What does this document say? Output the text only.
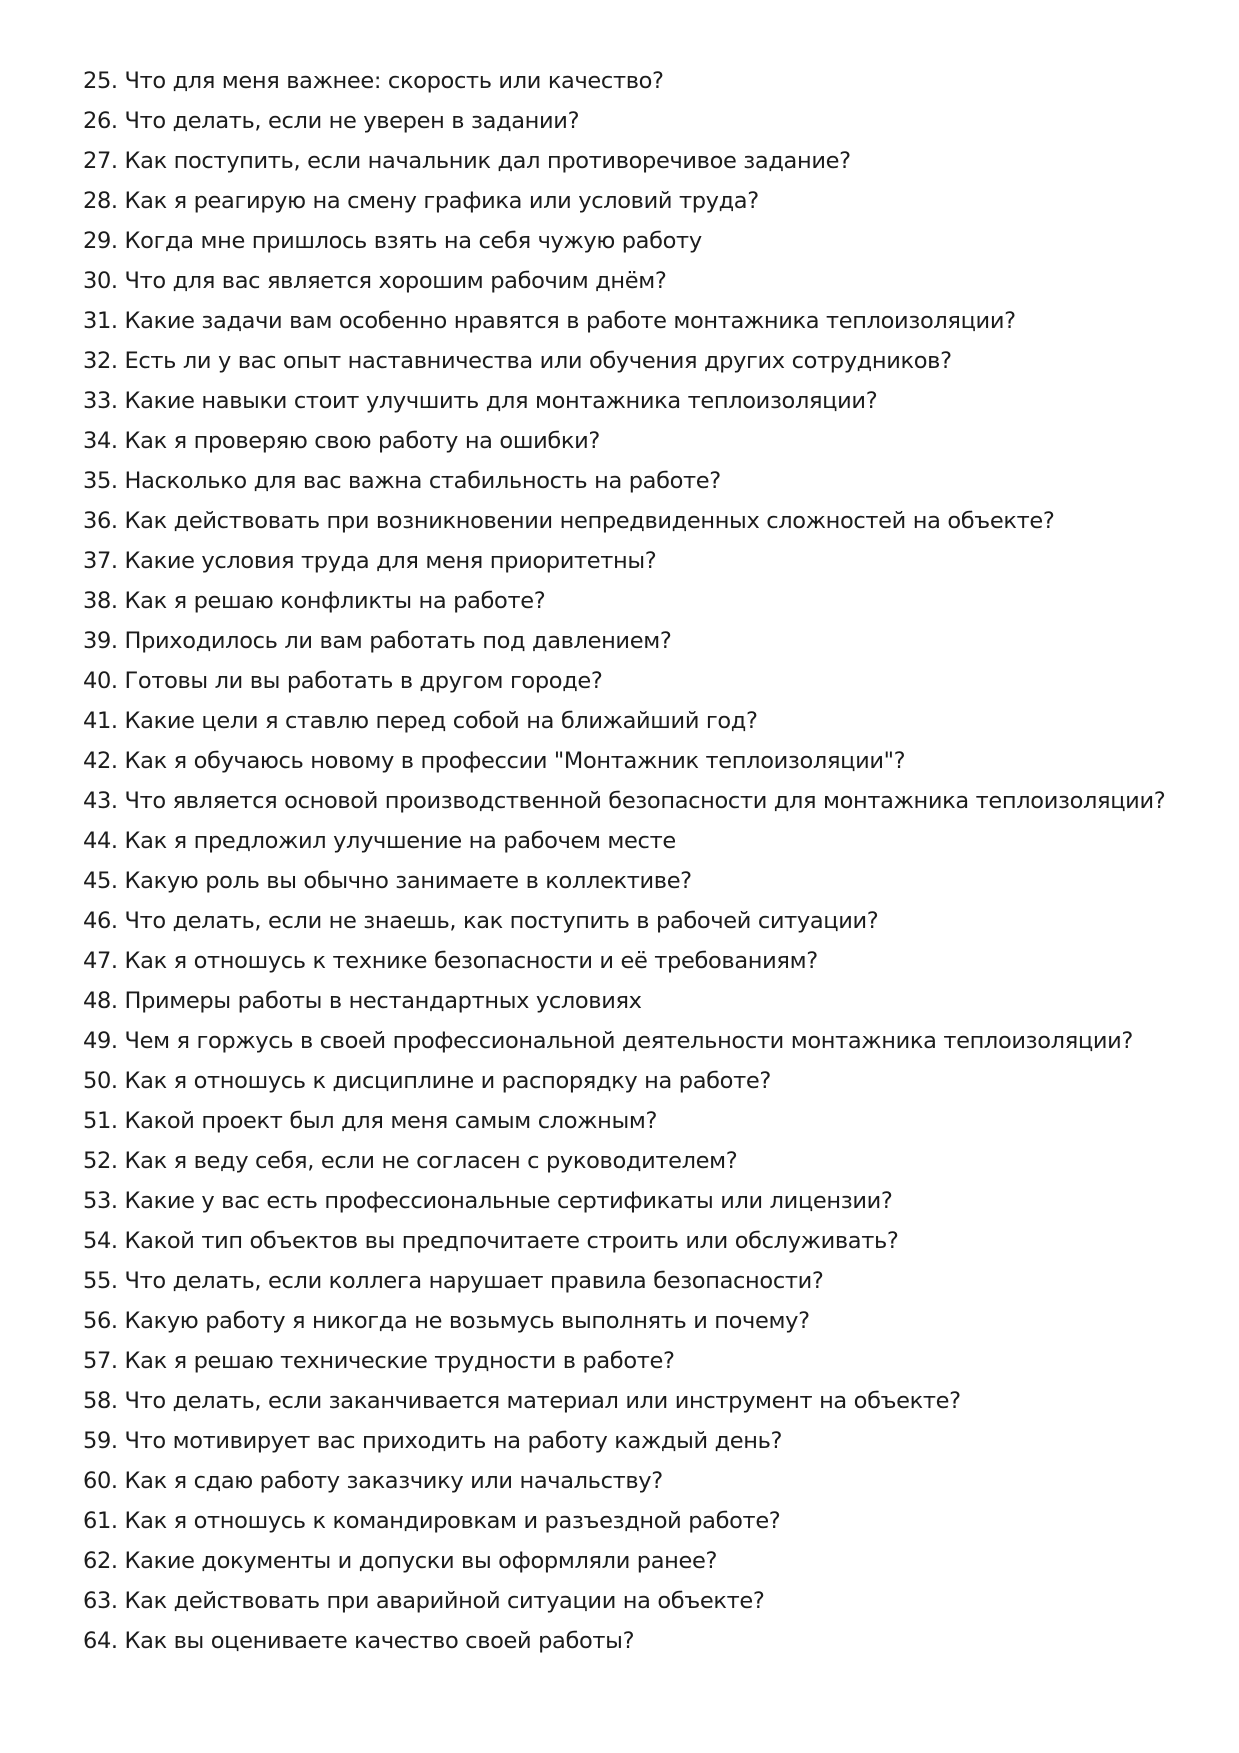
25. Что для меня важнее: скорость или качество?
26. Что делать, если не уверен в задании?
27. Как поступить, если начальник дал противоречивое задание?
28. Как я реагирую на смену графика или условий труда?
29. Когда мне пришлось взять на себя чужую работу
30. Что для вас является хорошим рабочим днём?
31. Какие задачи вам особенно нравятся в работе монтажника теплоизоляции?
32. Есть ли у вас опыт наставничества или обучения других сотрудников?
33. Какие навыки стоит улучшить для монтажника теплоизоляции?
34. Как я проверяю свою работу на ошибки?
35. Насколько для вас важна стабильность на работе?
36. Как действовать при возникновении непредвиденных сложностей на объекте?
37. Какие условия труда для меня приоритетны?
38. Как я решаю конфликты на работе?
39. Приходилось ли вам работать под давлением?
40. Готовы ли вы работать в другом городе?
41. Какие цели я ставлю перед собой на ближайший год?
42. Как я обучаюсь новому в профессии "Монтажник теплоизоляции"?
43. Что является основой производственной безопасности для монтажника теплоизоляции?
44. Как я предложил улучшение на рабочем месте
45. Какую роль вы обычно занимаете в коллективе?
46. Что делать, если не знаешь, как поступить в рабочей ситуации?
47. Как я отношусь к технике безопасности и её требованиям?
48. Примеры работы в нестандартных условиях
49. Чем я горжусь в своей профессиональной деятельности монтажника теплоизоляции?
50. Как я отношусь к дисциплине и распорядку на работе?
51. Какой проект был для меня самым сложным?
52. Как я веду себя, если не согласен с руководителем?
53. Какие у вас есть профессиональные сертификаты или лицензии?
54. Какой тип объектов вы предпочитаете строить или обслуживать?
55. Что делать, если коллега нарушает правила безопасности?
56. Какую работу я никогда не возьмусь выполнять и почему?
57. Как я решаю технические трудности в работе?
58. Что делать, если заканчивается материал или инструмент на объекте?
59. Что мотивирует вас приходить на работу каждый день?
60. Как я сдаю работу заказчику или начальству?
61. Как я отношусь к командировкам и разъездной работе?
62. Какие документы и допуски вы оформляли ранее?
63. Как действовать при аварийной ситуации на объекте?
64. Как вы оцениваете качество своей работы?
